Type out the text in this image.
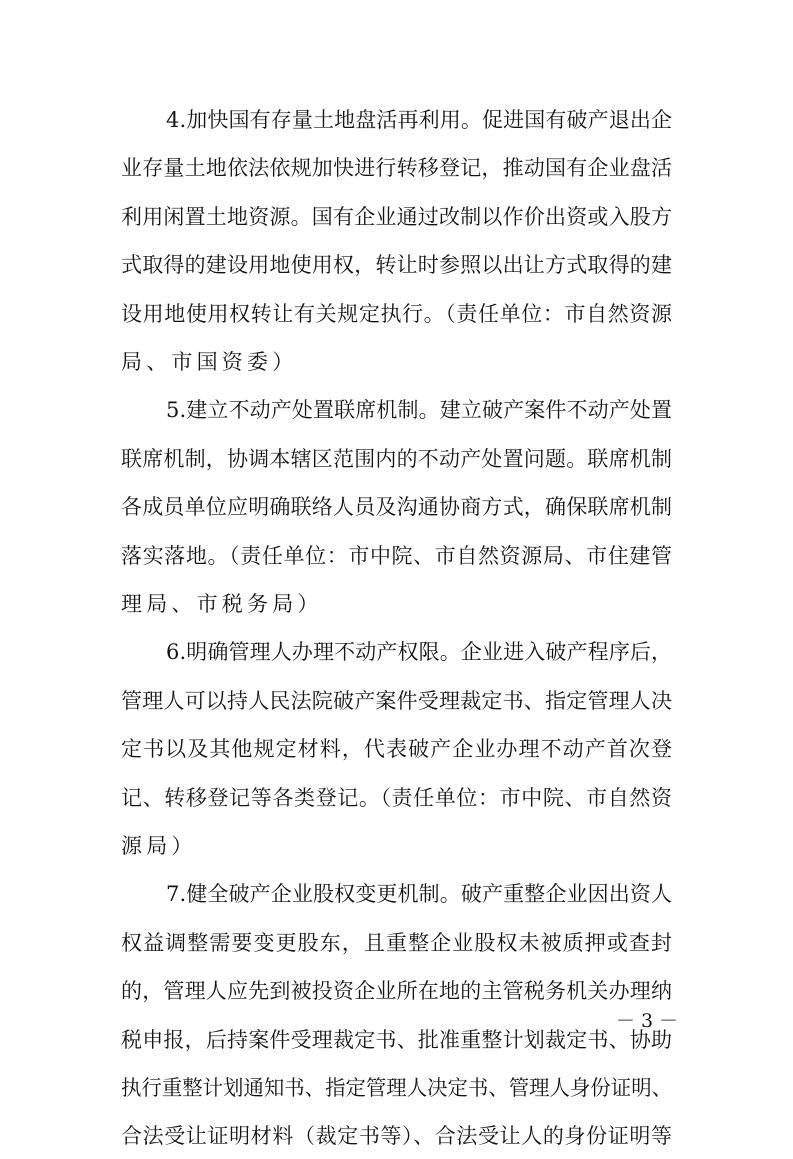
4.加快国有存量土地盘活再利用。促进国有破产退出企
业存量土地依法依规加快进行转移登记，推动国有企业盘活
利用闲置土地资源。国有企业通过改制以作价出资或入股方
式取得的建设用地使用权，转让时参照以出让方式取得的建
设用地使用权转让有关规定执行。（责任单位：市自然资源
局、市国资委）
5.建立不动产处置联席机制。建立破产案件不动产处置
联席机制，协调本辖区范围内的不动产处置问题。联席机制
各成员单位应明确联络人员及沟通协商方式，确保联席机制
落实落地。（责任单位：市中院、市自然资源局、市住建管
理局、市税务局）
6.明确管理人办理不动产权限。企业进入破产程序后，
管理人可以持人民法院破产案件受理裁定书、指定管理人决
定书以及其他规定材料，代表破产企业办理不动产首次登
记、转移登记等各类登记。（责任单位：市中院、市自然资
源局）
7.健全破产企业股权变更机制。破产重整企业因出资人
权益调整需要变更股东，且重整企业股权未被质押或查封
的，管理人应先到被投资企业所在地的主管税务机关办理纳
税申报，后持案件受理裁定书、批准重整计划裁定书、协助
执行重整计划通知书、指定管理人决定书、管理人身份证明、
合法受让证明材料（裁定书等）、合法受让人的身份证明等
－ 3 －
